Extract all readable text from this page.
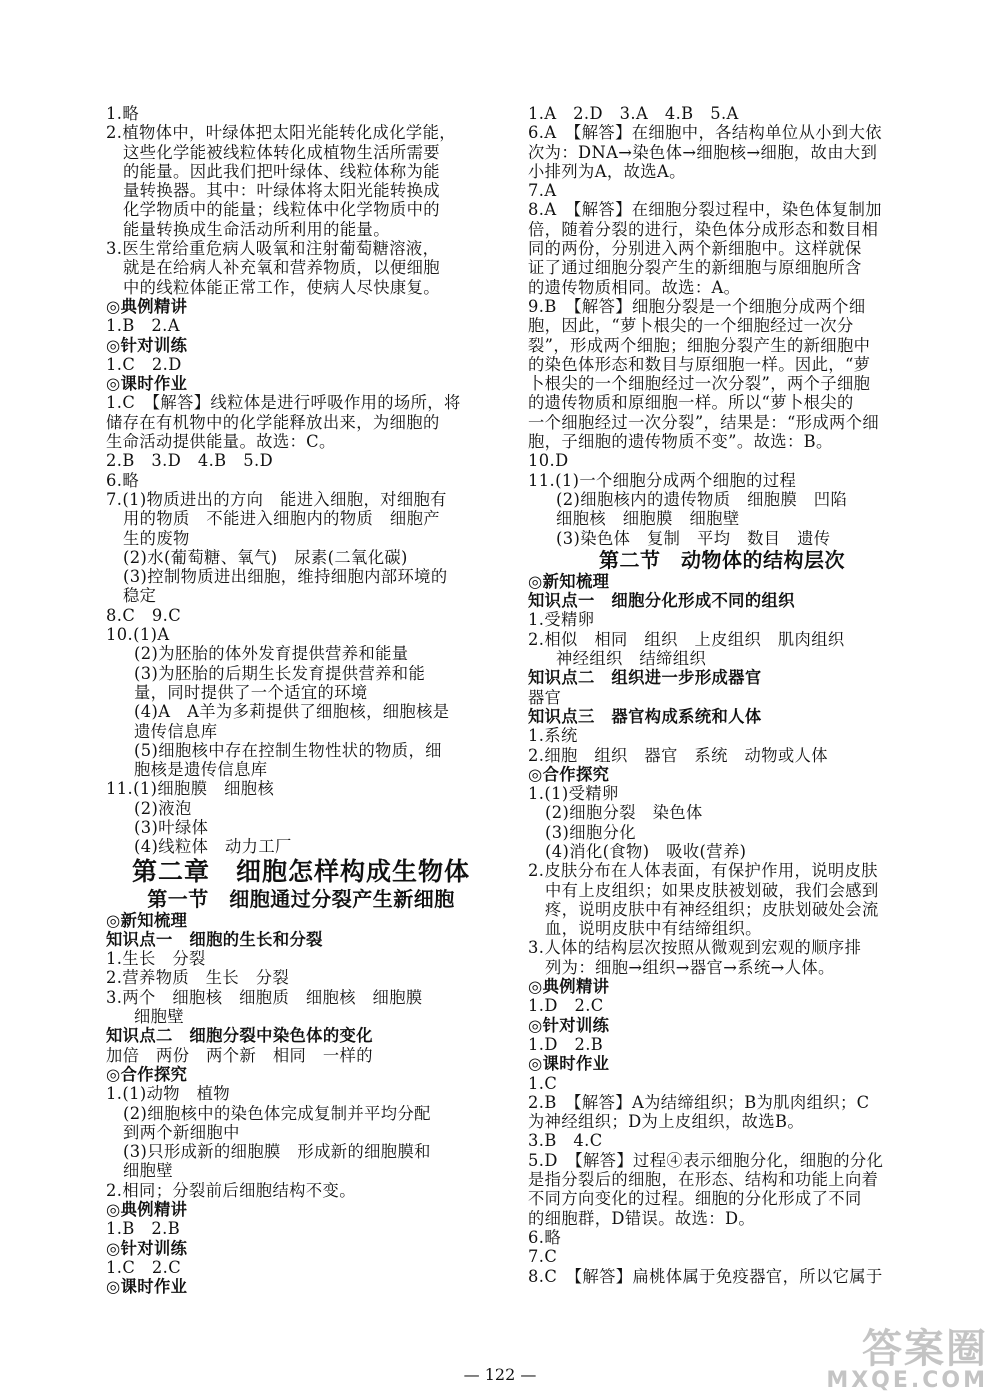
1.略
2.植物体中，叶绿体把太阳光能转化成化学能，
这些化学能被线粒体转化成植物生活所需要
的能量。因此我们把叶绿体、线粒体称为能
量转换器。其中：叶绿体将太阳光能转换成
化学物质中的能量；线粒体中化学物质中的
能量转换成生命活动所利用的能量。
3.医生常给重危病人吸氧和注射葡萄糖溶液，
就是在给病人补充氧和营养物质，以便细胞
中的线粒体能正常工作，使病人尽快康复。
◎典例精讲
1.B　2.A
◎针对训练
1.C　2.D
◎课时作业
1.C　【解答】线粒体是进行呼吸作用的场所，将
储存在有机物中的化学能释放出来，为细胞的
生命活动提供能量。故选：C。
2.B　3.D　4.B　5.D
6.略
7.(1)物质进出的方向　能进入细胞，对细胞有
用的物质　不能进入细胞内的物质　细胞产
生的废物
(2)水(葡萄糖、氧气)　尿素(二氧化碳)
(3)控制物质进出细胞，维持细胞内部环境的
稳定
8.C　9.C
10.(1)A
(2)为胚胎的体外发育提供营养和能量
(3)为胚胎的后期生长发育提供营养和能
量，同时提供了一个适宜的环境
(4)A　A羊为多莉提供了细胞核，细胞核是
遗传信息库
(5)细胞核中存在控制生物性状的物质，细
胞核是遗传信息库
11.(1)细胞膜　细胞核
(2)液泡
(3)叶绿体
(4)线粒体　动力工厂
第二章　细胞怎样构成生物体
第一节　细胞通过分裂产生新细胞
◎新知梳理
知识点一　细胞的生长和分裂
1.生长　分裂
2.营养物质　生长　分裂
3.两个　细胞核　细胞质　细胞核　细胞膜
细胞壁
知识点二　细胞分裂中染色体的变化
加倍　两份　两个新　相同　一样的
◎合作探究
1.(1)动物　植物
(2)细胞核中的染色体完成复制并平均分配
到两个新细胞中
(3)只形成新的细胞膜　形成新的细胞膜和
细胞壁
2.相同；分裂前后细胞结构不变。
◎典例精讲
1.B　2.B
◎针对训练
1.C　2.C
◎课时作业
1.A　2.D　3.A　4.B　5.A
6.A　【解答】在细胞中，各结构单位从小到大依
次为：DNA→染色体→细胞核→细胞，故由大到
小排列为A，故选A。
7.A
8.A　【解答】在细胞分裂过程中，染色体复制加
倍，随着分裂的进行，染色体分成形态和数目相
同的两份，分别进入两个新细胞中。这样就保
证了通过细胞分裂产生的新细胞与原细胞所含
的遗传物质相同。故选：A。
9.B　【解答】细胞分裂是一个细胞分成两个细
胞，因此，“萝卜根尖的一个细胞经过一次分
裂”，形成两个细胞；细胞分裂产生的新细胞中
的染色体形态和数目与原细胞一样。因此，“萝
卜根尖的一个细胞经过一次分裂”，两个子细胞
的遗传物质和原细胞一样。所以“萝卜根尖的
一个细胞经过一次分裂”，结果是：“形成两个细
胞，子细胞的遗传物质不变”。故选：B。
10.D
11.(1)一个细胞分成两个细胞的过程
(2)细胞核内的遗传物质　细胞膜　凹陷
细胞核　细胞膜　细胞壁
(3)染色体　复制　平均　数目　遗传
第二节　动物体的结构层次
◎新知梳理
知识点一　细胞分化形成不同的组织
1.受精卵
2.相似　相同　组织　上皮组织　肌肉组织
神经组织　结缔组织
知识点二　组织进一步形成器官
器官
知识点三　器官构成系统和人体
1.系统
2.细胞　组织　器官　系统　动物或人体
◎合作探究
1.(1)受精卵
(2)细胞分裂　染色体
(3)细胞分化
(4)消化(食物)　吸收(营养)
2.皮肤分布在人体表面，有保护作用，说明皮肤
中有上皮组织；如果皮肤被划破，我们会感到
疼，说明皮肤中有神经组织；皮肤划破处会流
血，说明皮肤中有结缔组织。
3.人体的结构层次按照从微观到宏观的顺序排
列为：细胞→组织→器官→系统→人体。
◎典例精讲
1.D　2.C
◎针对训练
1.D　2.B
◎课时作业
1.C
2.B　【解答】A为结缔组织；B为肌肉组织；C
为神经组织；D为上皮组织，故选B。
3.B　4.C
5.D　【解答】过程④表示细胞分化，细胞的分化
是指分裂后的细胞，在形态、结构和功能上向着
不同方向变化的过程。细胞的分化形成了不同
的细胞群，D错误。故选：D。
6.略
7.C
8.C　【解答】扁桃体属于免疫器官，所以它属于
— 122 —
答案圈
MXQE.COM
